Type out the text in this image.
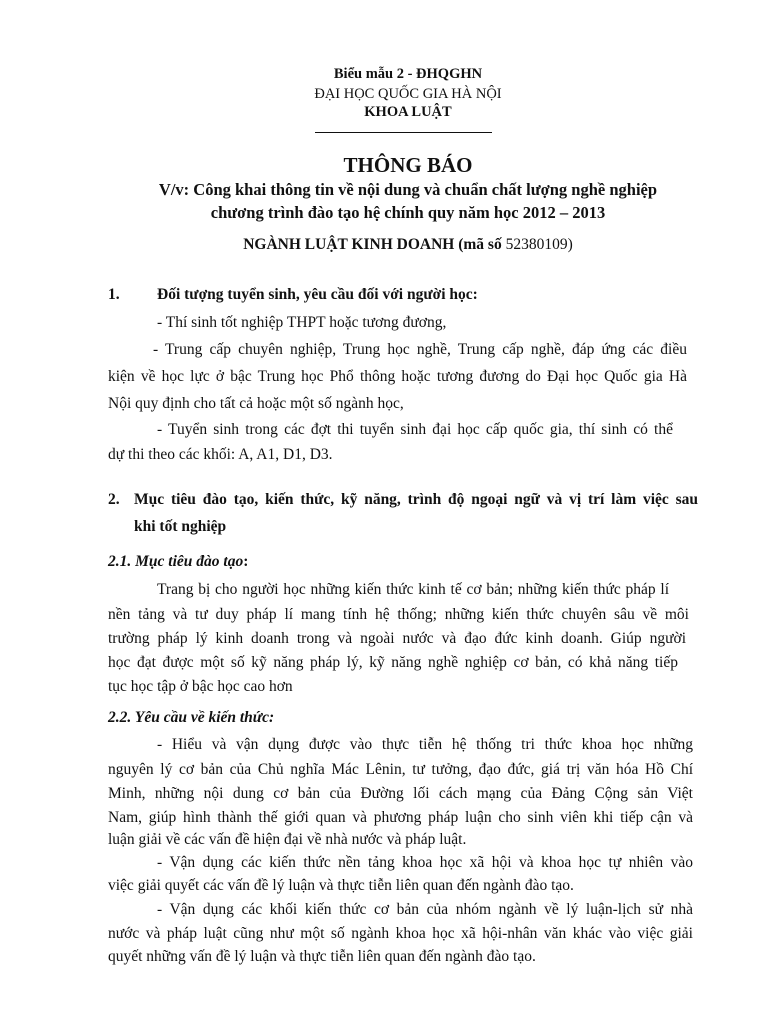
Biểu mẫu 2 - ĐHQGHN
ĐẠI HỌC QUỐC GIA HÀ NỘI
KHOA LUẬT
THÔNG BÁO
V/v: Công khai thông tin về nội dung và chuẩn chất lượng nghề nghiệp
chương trình đào tạo hệ chính quy năm học 2012 – 2013
NGÀNH LUẬT KINH DOANH (mã số 52380109)
1. Đối tượng tuyển sinh, yêu cầu đối với người học:
- Thí sinh tốt nghiệp THPT hoặc tương đương,
- Trung cấp chuyên nghiệp, Trung học nghề, Trung cấp nghề, đáp ứng các điều
kiện về học lực ở bậc Trung học Phổ thông hoặc tương đương do Đại học Quốc gia Hà
Nội quy định cho tất cả hoặc một số ngành học,
- Tuyển sinh trong các đợt thi tuyển sinh đại học cấp quốc gia, thí sinh có thể
dự thi theo các khối: A, A1, D1, D3.
2. Mục tiêu đào tạo, kiến thức, kỹ năng, trình độ ngoại ngữ và vị trí làm việc sau
khi tốt nghiệp
2.1. Mục tiêu đào tạo:
Trang bị cho người học những kiến thức kinh tế cơ bản; những kiến thức pháp lí
nền tảng và tư duy pháp lí mang tính hệ thống; những kiến thức chuyên sâu về môi
trường pháp lý kinh doanh trong và ngoài nước và đạo đức kinh doanh. Giúp người
học đạt được một số kỹ năng pháp lý, kỹ năng nghề nghiệp cơ bản, có khả năng tiếp
tục học tập ở bậc học cao hơn
2.2. Yêu cầu về kiến thức:
- Hiểu và vận dụng được vào thực tiễn hệ thống tri thức khoa học những
nguyên lý cơ bản của Chủ nghĩa Mác Lênin, tư tưởng, đạo đức, giá trị văn hóa Hồ Chí
Minh, những nội dung cơ bản của Đường lối cách mạng của Đảng Cộng sản Việt
Nam, giúp hình thành thế giới quan và phương pháp luận cho sinh viên khi tiếp cận và
luận giải về các vấn đề hiện đại về nhà nước và pháp luật.
- Vận dụng các kiến thức nền tảng khoa học xã hội và khoa học tự nhiên vào
việc giải quyết các vấn đề lý luận và thực tiễn liên quan đến ngành đào tạo.
- Vận dụng các khối kiến thức cơ bản của nhóm ngành về lý luận-lịch sử nhà
nước và pháp luật cũng như một số ngành khoa học xã hội-nhân văn khác vào việc giải
quyết những vấn đề lý luận và thực tiễn liên quan đến ngành đào tạo.
